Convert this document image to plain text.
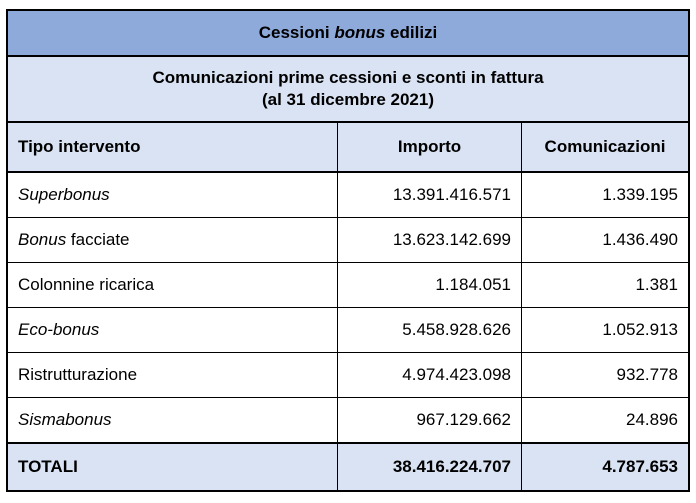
Cessioni bonus edilizi
Comunicazioni prime cessioni e sconti in fattura
(al 31 dicembre 2021)
Tipo intervento	Importo	Comunicazioni
Superbonus	13.391.416.571	1.339.195
Bonus facciate	13.623.142.699	1.436.490
Colonnine ricarica	1.184.051	1.381
Eco-bonus	5.458.928.626	1.052.913
Ristrutturazione	4.974.423.098	932.778
Sismabonus	967.129.662	24.896
TOTALI	38.416.224.707	4.787.653
